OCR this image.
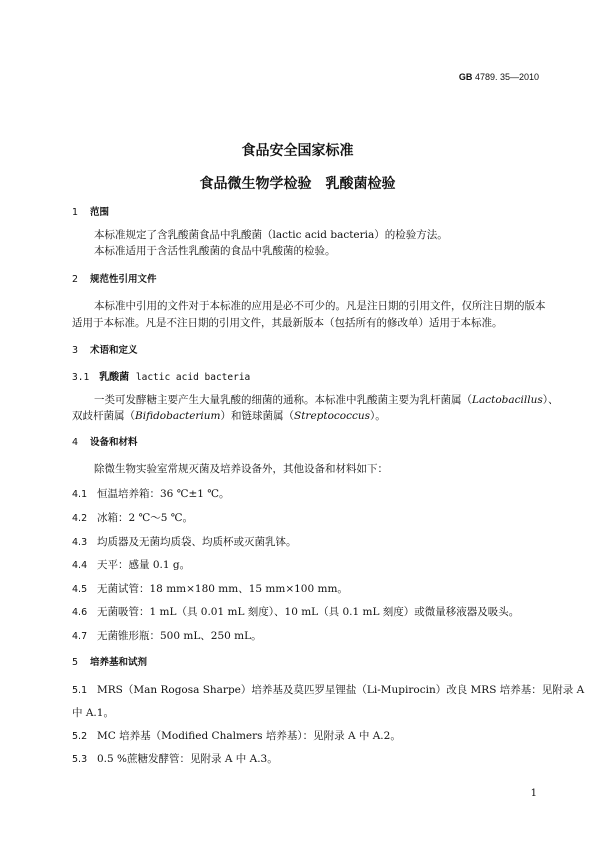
GB 4789. 35—2010
食品安全国家标准
食品微生物学检验　乳酸菌检验
1 范围
本标准规定了含乳酸菌食品中乳酸菌（lactic acid bacteria）的检验方法。
本标准适用于含活性乳酸菌的食品中乳酸菌的检验。
2 规范性引用文件
本标准中引用的文件对于本标准的应用是必不可少的。凡是注日期的引用文件，仅所注日期的版本
适用于本标准。凡是不注日期的引用文件，其最新版本（包括所有的修改单）适用于本标准。
3 术语和定义
3.1 乳酸菌 lactic acid bacteria
一类可发酵糖主要产生大量乳酸的细菌的通称。本标准中乳酸菌主要为乳杆菌属（Lactobacillus）、
双歧杆菌属（Bifidobacterium）和链球菌属（Streptococcus）。
4 设备和材料
除微生物实验室常规灭菌及培养设备外，其他设备和材料如下：
4.1 恒温培养箱：36 ℃±1 ℃。
4.2 冰箱：2 ℃～5 ℃。
4.3 均质器及无菌均质袋、均质杯或灭菌乳钵。
4.4 天平：感量 0.1 g。
4.5 无菌试管：18 mm×180 mm、15 mm×100 mm。
4.6 无菌吸管：1 mL（具 0.01 mL 刻度）、10 mL（具 0.1 mL 刻度）或微量移液器及吸头。
4.7 无菌锥形瓶：500 mL、250 mL。
5 培养基和试剂
5.1 MRS（Man Rogosa Sharpe）培养基及莫匹罗星锂盐（Li-Mupirocin）改良 MRS 培养基：见附录 A
中 A.1。
5.2 MC 培养基（Modified Chalmers 培养基）：见附录 A 中 A.2。
5.3 0.5 %蔗糖发酵管：见附录 A 中 A.3。
1
